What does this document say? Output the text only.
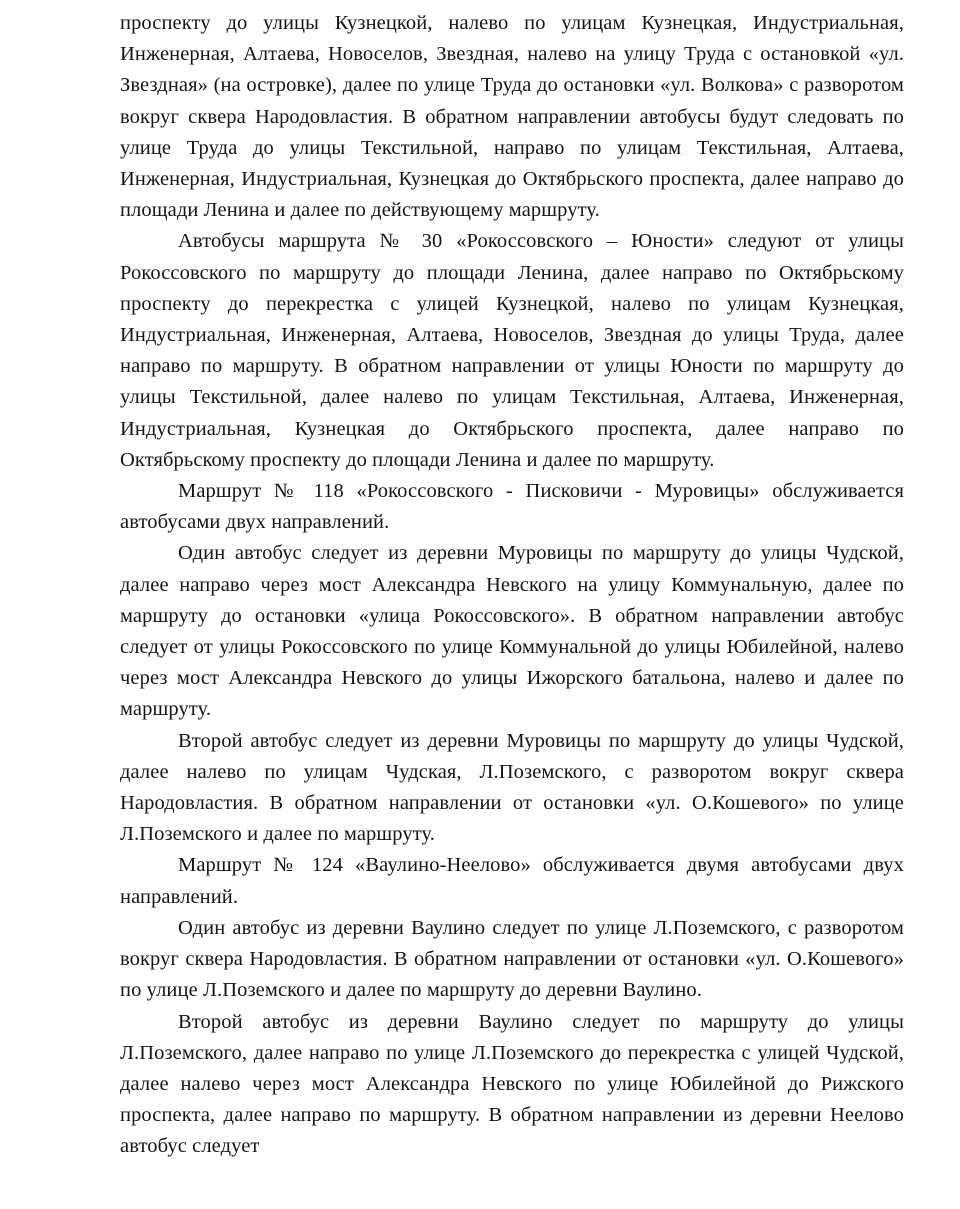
проспекту до улицы Кузнецкой, налево по улицам Кузнецкая, Индустриальная, Инженерная, Алтаева, Новоселов, Звездная, налево на улицу Труда с остановкой «ул. Звездная» (на островке), далее по улице Труда до остановки «ул. Волкова» с разворотом вокруг сквера Народовластия. В обратном направлении автобусы будут следовать по улице Труда до улицы Текстильной, направо по улицам Текстильная, Алтаева, Инженерная, Индустриальная, Кузнецкая до Октябрьского проспекта, далее направо до площади Ленина и далее по действующему маршруту.

Автобусы маршрута № 30 «Рокоссовского – Юности» следуют от улицы Рокоссовского по маршруту до площади Ленина, далее направо по Октябрьскому проспекту до перекрестка с улицей Кузнецкой, налево по улицам Кузнецкая, Индустриальная, Инженерная, Алтаева, Новоселов, Звездная до улицы Труда, далее направо по маршруту. В обратном направлении от улицы Юности по маршруту до улицы Текстильной, далее налево по улицам Текстильная, Алтаева, Инженерная, Индустриальная, Кузнецкая до Октябрьского проспекта, далее направо по Октябрьскому проспекту до площади Ленина и далее по маршруту.

Маршрут № 118 «Рокоссовского - Писковичи - Муровицы» обслуживается автобусами двух направлений.

Один автобус следует из деревни Муровицы по маршруту до улицы Чудской, далее направо через мост Александра Невского на улицу Коммунальную, далее по маршруту до остановки «улица Рокоссовского». В обратном направлении автобус следует от улицы Рокоссовского по улице Коммунальной до улицы Юбилейной, налево через мост Александра Невского до улицы Ижорского батальона, налево и далее по маршруту.

Второй автобус следует из деревни Муровицы по маршруту до улицы Чудской, далее налево по улицам Чудская, Л.Поземского, с разворотом вокруг сквера Народовластия. В обратном направлении от остановки «ул. О.Кошевого» по улице Л.Поземского и далее по маршруту.

Маршрут № 124 «Ваулино-Неелово» обслуживается двумя автобусами двух направлений.

Один автобус из деревни Ваулино следует по улице Л.Поземского, с разворотом вокруг сквера Народовластия. В обратном направлении от остановки «ул. О.Кошевого» по улице Л.Поземского и далее по маршруту до деревни Ваулино.

Второй автобус из деревни Ваулино следует по маршруту до улицы Л.Поземского, далее направо по улице Л.Поземского до перекрестка с улицей Чудской, далее налево через мост Александра Невского по улице Юбилейной до Рижского проспекта, далее направо по маршруту. В обратном направлении из деревни Неелово автобус следует
